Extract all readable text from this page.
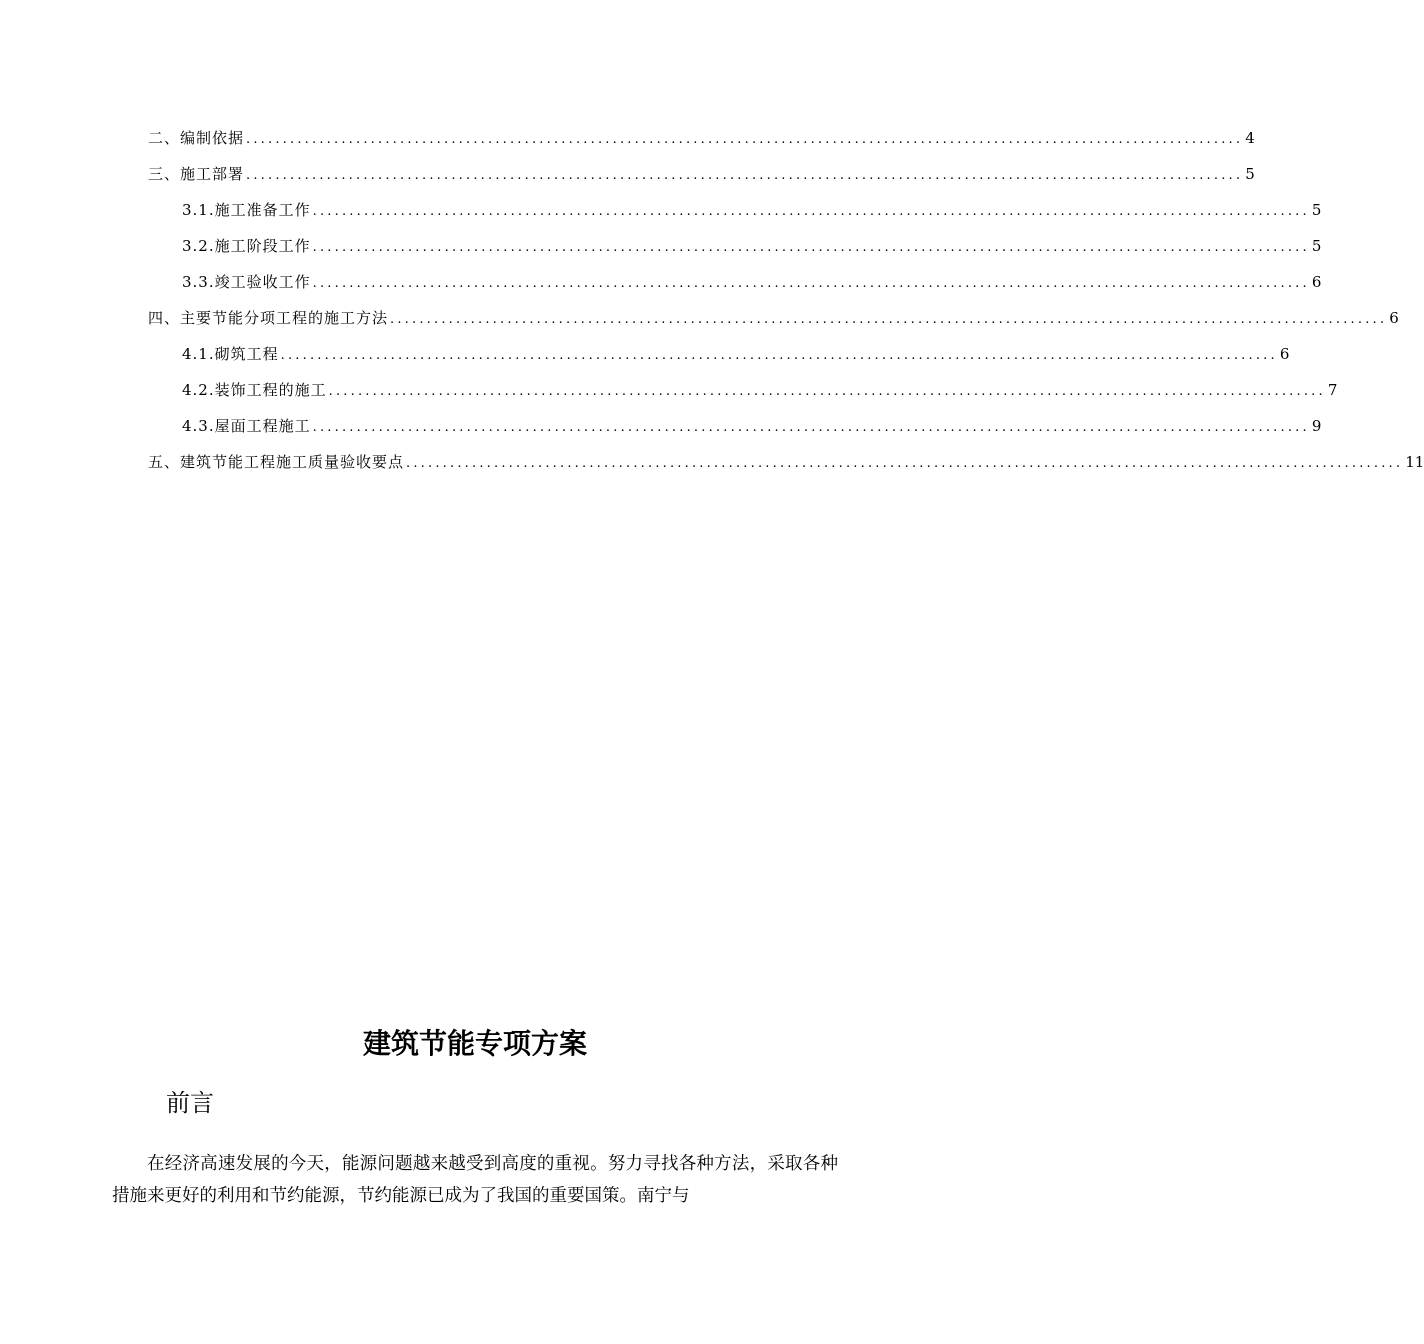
二、编制依据 ........................................................................................................................................ 4
三、施工部署 ........................................................................................................................................ 5
3.1.施工准备工作 ........................................................................................................................................ 5
3.2.施工阶段工作 ........................................................................................................................................ 5
3.3.竣工验收工作 ........................................................................................................................................ 6
四、主要节能分项工程的施工方法 ........................................................................................................................................ 6
4.1.砌筑工程 ........................................................................................................................................ 6
4.2.装饰工程的施工 ........................................................................................................................................ 7
4.3.屋面工程施工 ........................................................................................................................................ 9
五、建筑节能工程施工质量验收要点 ........................................................................................................................................ 11
建筑节能专项方案
前言
在经济高速发展的今天，能源问题越来越受到高度的重视。努力寻找各种方法，采取各种措施来更好的利用和节约能源，节约能源已成为了我国的重要国策。南宁与
